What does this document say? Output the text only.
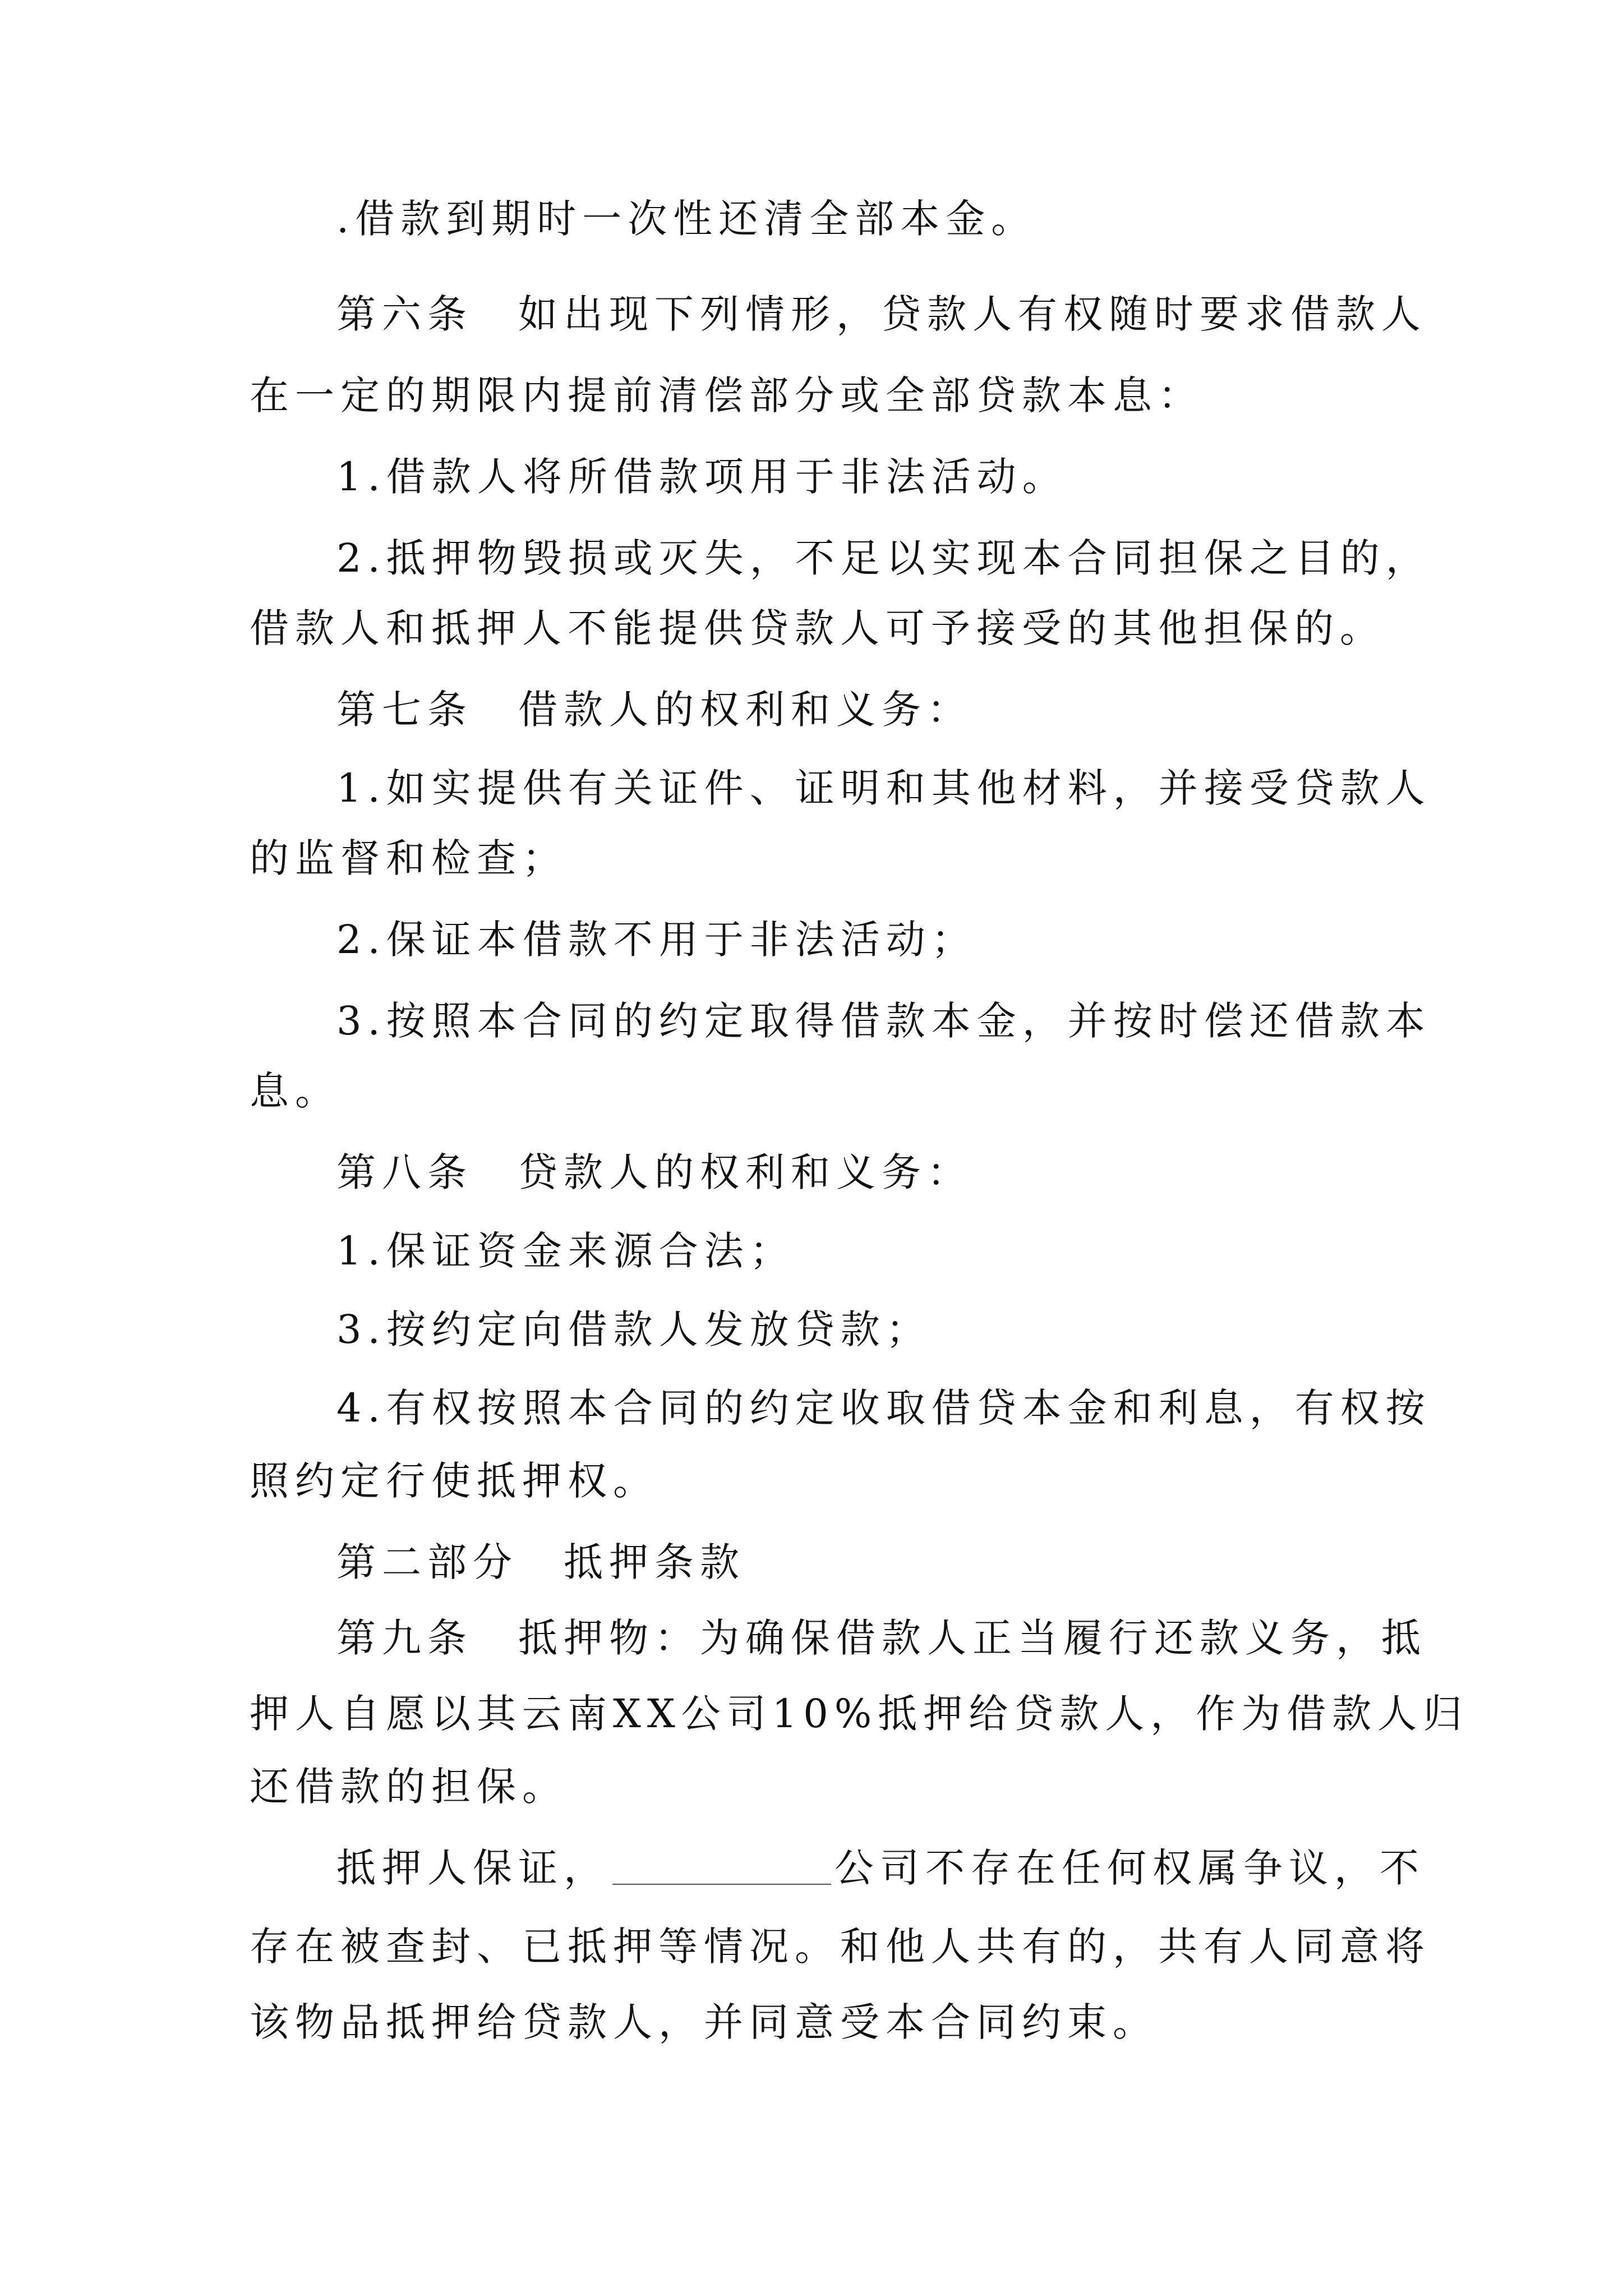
.借款到期时一次性还清全部本金。
第六条　如出现下列情形，贷款人有权随时要求借款人
在一定的期限内提前清偿部分或全部贷款本息：
1.借款人将所借款项用于非法活动。
2.抵押物毁损或灭失，不足以实现本合同担保之目的，
借款人和抵押人不能提供贷款人可予接受的其他担保的。
第七条　借款人的权利和义务：
1.如实提供有关证件、证明和其他材料，并接受贷款人
的监督和检查；
2.保证本借款不用于非法活动；
3.按照本合同的约定取得借款本金，并按时偿还借款本
息。
第八条　贷款人的权利和义务：
1.保证资金来源合法；
3.按约定向借款人发放贷款；
4.有权按照本合同的约定收取借贷本金和利息，有权按
照约定行使抵押权。
第二部分　抵押条款
第九条　抵押物：为确保借款人正当履行还款义务，抵
押人自愿以其云南XX公司10%抵押给贷款人，作为借款人归
还借款的担保。
抵押人保证，	公司不存在任何权属争议，不
存在被查封、已抵押等情况。和他人共有的，共有人同意将
该物品抵押给贷款人，并同意受本合同约束。
